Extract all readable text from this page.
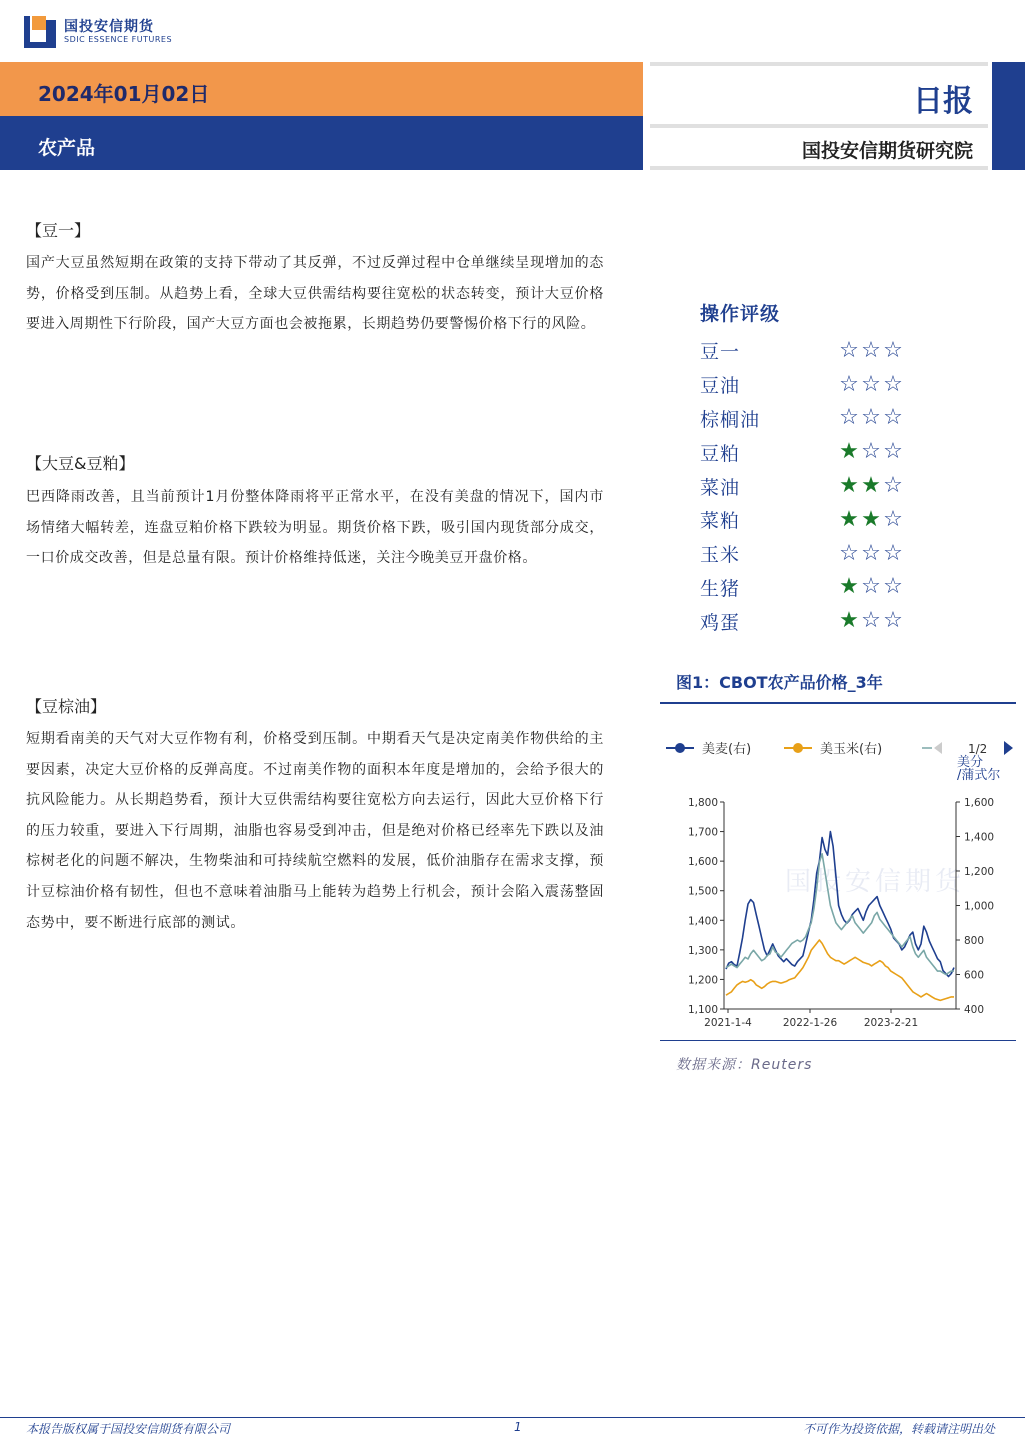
国投安信期货
SDIC ESSENCE FUTURES
2024年01月02日
农产品
日报
国投安信期货研究院
【豆一】
国产大豆虽然短期在政策的支持下带动了其反弹，不过反弹过程中仓单继续呈现增加的态势，价格受到压制。从趋势上看，全球大豆供需结构要往宽松的状态转变，预计大豆价格要进入周期性下行阶段，国产大豆方面也会被拖累，长期趋势仍要警惕价格下行的风险。
【大豆&豆粕】
巴西降雨改善，且当前预计1月份整体降雨将平正常水平，在没有美盘的情况下，国内市场情绪大幅转差，连盘豆粕价格下跌较为明显。期货价格下跌，吸引国内现货部分成交，一口价成交改善，但是总量有限。预计价格维持低迷，关注今晚美豆开盘价格。
【豆棕油】
短期看南美的天气对大豆作物有利，价格受到压制。中期看天气是决定南美作物供给的主要因素，决定大豆价格的反弹高度。不过南美作物的面积本年度是增加的，会给予很大的抗风险能力。从长期趋势看，预计大豆供需结构要往宽松方向去运行，因此大豆价格下行的压力较重，要进入下行周期，油脂也容易受到冲击，但是绝对价格已经率先下跌以及油棕树老化的问题不解决，生物柴油和可持续航空燃料的发展，低价油脂存在需求支撑，预计豆棕油价格有韧性，但也不意味着油脂马上能转为趋势上行机会，预计会陷入震荡整固态势中，要不断进行底部的测试。
操作评级
豆一	☆ ☆ ☆
豆油	☆ ☆ ☆
棕榈油	☆ ☆ ☆
豆粕	★ ☆ ☆
菜油	★ ★ ☆
菜粕	★ ★ ☆
玉米	☆ ☆ ☆
生猪	★ ☆ ☆
鸡蛋	★ ☆ ☆
图1：CBOT农产品价格_3年
国投安信期货
美麦(右)	美玉米(右)	1/2
美分
/蒲式尔
1,100
1,200
1,300
1,400
1,500
1,600
1,700
1,800
400
600
800
1,000
1,200
1,400
1,600
2021-1-4	2022-1-26	2023-2-21
数据来源：Reuters
本报告版权属于国投安信期货有限公司	1	不可作为投资依据，转载请注明出处
